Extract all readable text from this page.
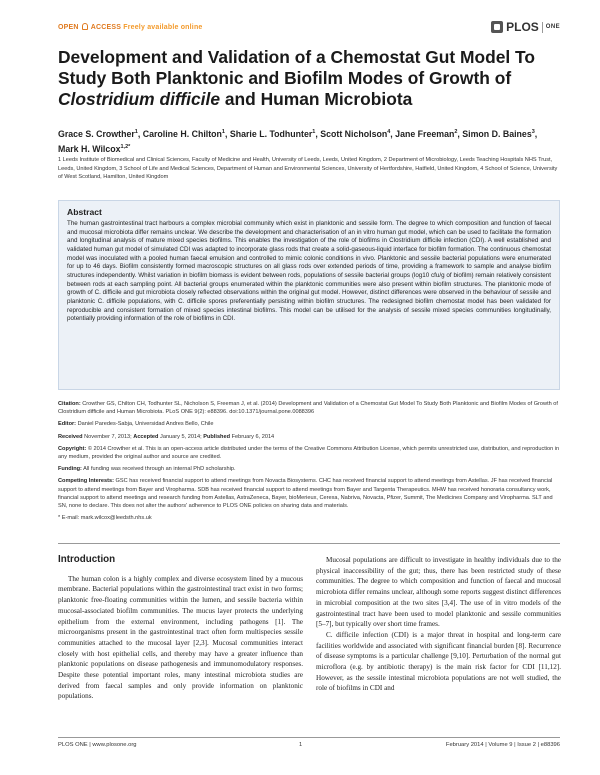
OPEN ACCESS Freely available online	PLOS ONE
Development and Validation of a Chemostat Gut Model To Study Both Planktonic and Biofilm Modes of Growth of Clostridium difficile and Human Microbiota
Grace S. Crowther$^1$, Caroline H. Chilton$^1$, Sharie L. Todhunter$^1$, Scott Nicholson$^4$, Jane Freeman$^2$, Simon D. Baines$^3$, Mark H. Wilcox$^{1,2*}$
1 Leeds Institute of Biomedical and Clinical Sciences, Faculty of Medicine and Health, University of Leeds, Leeds, United Kingdom, 2 Department of Microbiology, Leeds Teaching Hospitals NHS Trust, Leeds, United Kingdom, 3 School of Life and Medical Sciences, Department of Human and Environmental Sciences, University of Hertfordshire, Hatfield, United Kingdom, 4 School of Science, University of West Scotland, Hamilton, United Kingdom
Abstract
The human gastrointestinal tract harbours a complex microbial community which exist in planktonic and sessile form. The degree to which composition and function of faecal and mucosal microbiota differ remains unclear. We describe the development and characterisation of an in vitro human gut model, which can be used to facilitate the formation and longitudinal analysis of mature mixed species biofilms. This enables the investigation of the role of biofilms in Clostridium difficile infection (CDI). A well established and validated human gut model of simulated CDI was adapted to incorporate glass rods that create a solid-gaseous-liquid interface for biofilm formation. The continuous chemostat model was inoculated with a pooled human faecal emulsion and controlled to mimic colonic conditions in vivo. Planktonic and sessile bacterial populations were enumerated for up to 46 days. Biofilm consistently formed macroscopic structures on all glass rods over extended periods of time, providing a framework to sample and analyse biofilm structures independently. Whilst variation in biofilm biomass is evident between rods, populations of sessile bacterial groups (log10 cfu/g of biofilm) remain relatively consistent between rods at each sampling point. All bacterial groups enumerated within the planktonic communities were also present within biofilm structures. The planktonic mode of growth of C. difficile and gut microbiota closely reflected observations within the original gut model. However, distinct differences were observed in the behaviour of sessile and planktonic C. difficile populations, with C. difficile spores preferentially persisting within biofilm structures. The redesigned biofilm chemostat model has been validated for reproducible and consistent formation of mixed species intestinal biofilms. This model can be utilised for the analysis of sessile mixed species communities longitudinally, potentially providing information of the role of biofilms in CDI.
Citation: Crowther GS, Chilton CH, Todhunter SL, Nicholson S, Freeman J, et al. (2014) Development and Validation of a Chemostat Gut Model To Study Both Planktonic and Biofilm Modes of Growth of Clostridium difficile and Human Microbiota. PLoS ONE 9(2): e88396. doi:10.1371/journal.pone.0088396
Editor: Daniel Paredes-Sabja, Universidad Andres Bello, Chile
Received November 7, 2013; Accepted January 5, 2014; Published February 6, 2014
Copyright: © 2014 Crowther et al. This is an open-access article distributed under the terms of the Creative Commons Attribution License, which permits unrestricted use, distribution, and reproduction in any medium, provided the original author and source are credited.
Funding: All funding was received through an internal PhD scholarship.
Competing Interests: GSC has received financial support to attend meetings from Novacta Biosystems. CHC has received financial support to attend meetings from Astellas. JF has received financial support to attend meetings from Bayer and Viropharma. SDB has received financial support to attend meetings from Bayer and Targenta Therapeutics. MHW has received honoraria consultancy work, financial support to attend meetings and research funding from Astellas, AstraZeneca, Bayer, bioMerieux, Cerexa, Nabriva, Novacta, Pfizer, Summit, The Medicines Company and Viropharma. SLT and SN, none to declare. This does not alter the authors' adherence to PLOS ONE policies on sharing data and materials.
* E-mail: mark.wilcox@leedsth.nhs.uk
Introduction

The human colon is a highly complex and diverse ecosystem lined by a mucous membrane. Bacterial populations within the gastrointestinal tract exist in two forms; planktonic free-floating communities within the lumen, and sessile bacteria within mucosal-associated biofilm communities. The mucus layer protects the underlying epithelium from the external environment, including pathogens [1]. The microorganisms present in the gastrointestinal tract often form multispecies sessile communities attached to the mucosal layer [2,3]. Mucosal communities interact closely with host epithelial cells, and thereby may have a greater influence than planktonic populations on disease pathogenesis and immunomodulatory responses. Despite these potential important roles, many intestinal microbiota studies are derived from faecal samples and only provide information on planktonic populations.

Mucosal populations are difficult to investigate in healthy individuals due to the physical inaccessibility of the gut; thus, there has been restricted study of these communities. The degree to which composition and function of faecal and mucosal microbiota differ remains unclear, although some reports suggest distinct differences in microbial composition at the two sites [3,4]. The use of in vitro models of the gastrointestinal tract have been used to model planktonic and sessile communities [5–7], but typically over short time frames.

C. difficile infection (CDI) is a major threat in hospital and long-term care facilities worldwide and associated with significant financial burden [8]. Recurrence of disease symptoms is a particular challenge [9,10]. Perturbation of the normal gut microflora (e.g. by antibiotic therapy) is the main risk factor for CDI [11,12]. However, as the sessile intestinal microbiota populations are not well studied, the role of biofilms in CDI and

PLOS ONE | www.plosone.org	1	February 2014 | Volume 9 | Issue 2 | e88396
